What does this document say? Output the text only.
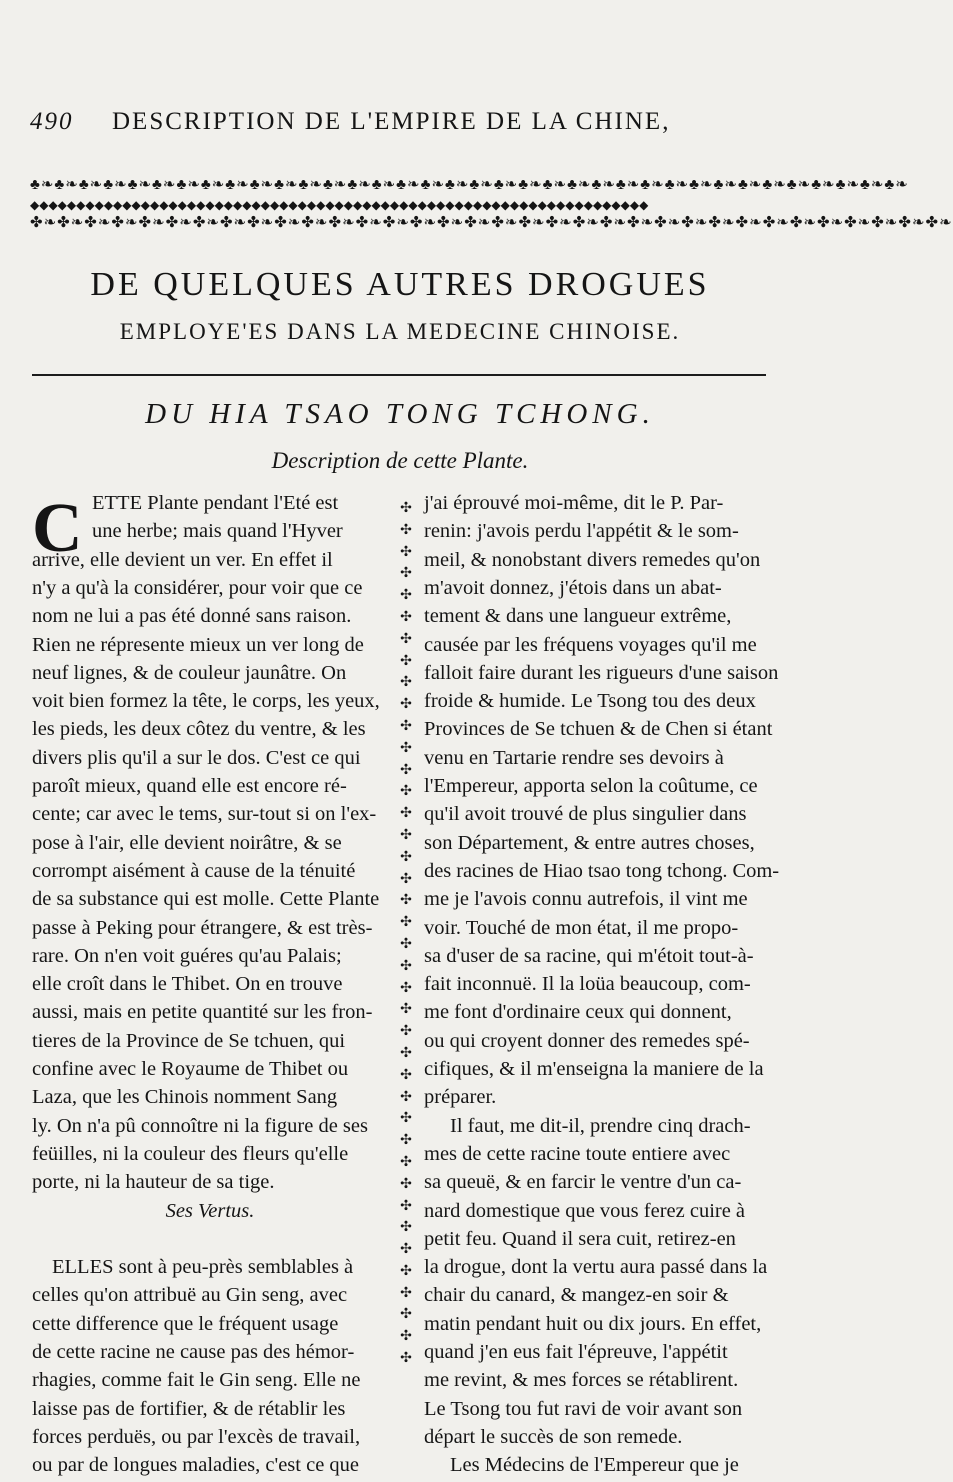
490 DESCRIPTION DE L'EMPIRE DE LA CHINE,
♣❧♣❧♣❧♣❧♣❧♣❧♣❧♣❧♣❧♣❧♣❧♣❧♣❧♣❧♣❧♣❧♣❧♣❧♣❧♣❧♣❧♣❧♣❧♣❧♣❧♣❧♣❧♣❧♣❧♣❧♣❧♣❧♣❧♣❧♣❧♣❧
◆◆◆◆◆◆◆◆◆◆◆◆◆◆◆◆◆◆◆◆◆◆◆◆◆◆◆◆◆◆◆◆◆◆◆◆◆◆◆◆◆◆◆◆◆◆◆◆◆◆◆◆◆◆◆◆◆◆◆◆◆◆◆◆◆◆◆
✤❧✤❧✤❧✤❧✤❧✤❧✤❧✤❧✤❧✤❧✤❧✤❧✤❧✤❧✤❧✤❧✤❧✤❧✤❧✤❧✤❧✤❧✤❧✤❧✤❧✤❧✤❧✤❧✤❧✤❧✤❧✤❧✤❧✤❧
DE QUELQUES AUTRES DROGUES
EMPLOYE'ES DANS LA MEDECINE CHINOISE.
DU HIA TSAO TONG TCHONG.
Description de cette Plante.
C ETTE Plante pendant l'Eté est
une herbe; mais quand l'Hyver
arrive, elle devient un ver. En effet il
n'y a qu'à la considérer, pour voir que ce
nom ne lui a pas été donné sans raison.
Rien ne répresente mieux un ver long de
neuf lignes, & de couleur jaunâtre. On
voit bien formez la tête, le corps, les yeux,
les pieds, les deux côtez du ventre, & les
divers plis qu'il a sur le dos. C'est ce qui
paroît mieux, quand elle est encore ré-
cente; car avec le tems, sur-tout si on l'ex-
pose à l'air, elle devient noirâtre, & se
corrompt aisément à cause de la ténuité
de sa substance qui est molle. Cette Plante
passe à Peking pour étrangere, & est très-
rare. On n'en voit guéres qu'au Palais;
elle croît dans le Thibet. On en trouve
aussi, mais en petite quantité sur les fron-
tieres de la Province de Se tchuen, qui
confine avec le Royaume de Thibet ou
Laza, que les Chinois nomment Sang
ly. On n'a pû connoître ni la figure de ses
feüilles, ni la couleur des fleurs qu'elle
porte, ni la hauteur de sa tige.
Ses Vertus.
ELLES sont à peu-près semblables à
celles qu'on attribuë au Gin seng, avec
cette difference que le fréquent usage
de cette racine ne cause pas des hémor-
rhagies, comme fait le Gin seng. Elle ne
laisse pas de fortifier, & de rétablir les
forces perduës, ou par l'excès de travail,
ou par de longues maladies, c'est ce que
✣
✣
✣
✣
✣
✣
✣
✣
✣
✣
✣
✣
✣
✣
✣
✣
✣
✣
✣
✣
✣
✣
✣
✣
✣
✣
✣
✣
✣
✣
✣
✣
✣
✣
✣
✣
✣
✣
✣
✣
j'ai éprouvé moi-même, dit le P. Par-
renin: j'avois perdu l'appétit & le som-
meil, & nonobstant divers remedes qu'on
m'avoit donnez, j'étois dans un abat-
tement & dans une langueur extrême,
causée par les fréquens voyages qu'il me
falloit faire durant les rigueurs d'une saison
froide & humide. Le Tsong tou des deux
Provinces de Se tchuen & de Chen si étant
venu en Tartarie rendre ses devoirs à
l'Empereur, apporta selon la coûtume, ce
qu'il avoit trouvé de plus singulier dans
son Département, & entre autres choses,
des racines de Hiao tsao tong tchong. Com-
me je l'avois connu autrefois, il vint me
voir. Touché de mon état, il me propo-
sa d'user de sa racine, qui m'étoit tout-à-
fait inconnuë. Il la loüa beaucoup, com-
me font d'ordinaire ceux qui donnent,
ou qui croyent donner des remedes spé-
cifiques, & il m'enseigna la maniere de la
préparer.
Il faut, me dit-il, prendre cinq drach-
mes de cette racine toute entiere avec
sa queuë, & en farcir le ventre d'un ca-
nard domestique que vous ferez cuire à
petit feu. Quand il sera cuit, retirez-en
la drogue, dont la vertu aura passé dans la
chair du canard, & mangez-en soir &
matin pendant huit ou dix jours. En effet,
quand j'en eus fait l'épreuve, l'appétit
me revint, & mes forces se rétablirent.
Le Tsong tou fut ravi de voir avant son
départ le succès de son remede.
Les Médecins de l'Empereur que je
